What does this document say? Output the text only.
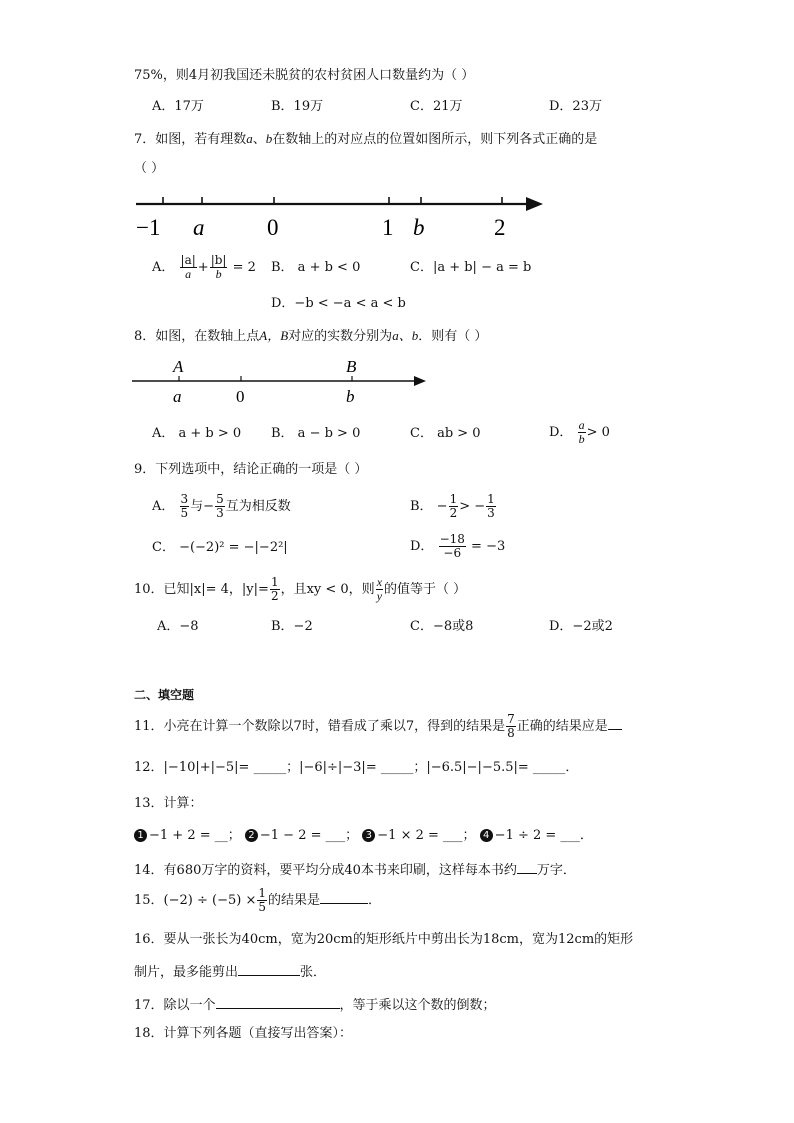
75%，则4月初我国还未脱贫的农村贫困人口数量约为（ ）
A．17万	B．19万	C．21万	D．23万
7．如图，若有理数a、b在数轴上的对应点的位置如图所示，则下列各式正确的是
（ ）
−1 a	0	1 b	2
A． $\frac{|a|}{a} + \frac{|b|}{b} = 2$ B． a + b < 0	C．|a + b| − a = b
D．−b < −a < a < b
8．如图，在数轴上点A，B对应的实数分别为a、b．则有（ ）
A
a	0
B
b
A． a + b > 0 B． a − b > 0	C． ab > 0	D． $\frac{a}{b} > 0$
9．下列选项中，结论正确的一项是（ ）
A． $\frac{3}{5}$ 与− $\frac{5}{3}$ 互为相反数	B． − $\frac{1}{2}$ > − $\frac{1}{3}$
C． −(−2)² = −|−2²|	D． $\frac{-18}{-6} = -3$
10．已知|x|= 4，$|y|= \frac{1}{2}$ ，且xy < 0，则 $\frac{x}{y}$ 的值等于（ ）
A．−8	B．−2	C．−8或8	D．−2或2
二、填空题
11．小亮在计算一个数除以7时，错看成了乘以7，得到的结果是 $\frac{7}{8}$ 正确的结果应是
12．|−10|+|−5|= _____；|−6|÷|−3|= _____；|−6.5|−|−5.5|= _____．
13．计算：
1 −1 + 2 = __； 2 −1 − 2 = ___； 3 −1 × 2 = ___； 4 −1 ÷ 2 = ___．
14．有680万字的资料，要平均分成40本书来印刷，这样每本书约 万字．
15．$(-2) \div (-5) \times \frac{1}{5}$ 的结果是	．
16．要从一张长为40cm，宽为20cm的矩形纸片中剪出长为18cm，宽为12cm的矩形
制片，最多能剪出	张．
17．除以一个	，等于乘以这个数的倒数；
18．计算下列各题（直接写出答案）：
